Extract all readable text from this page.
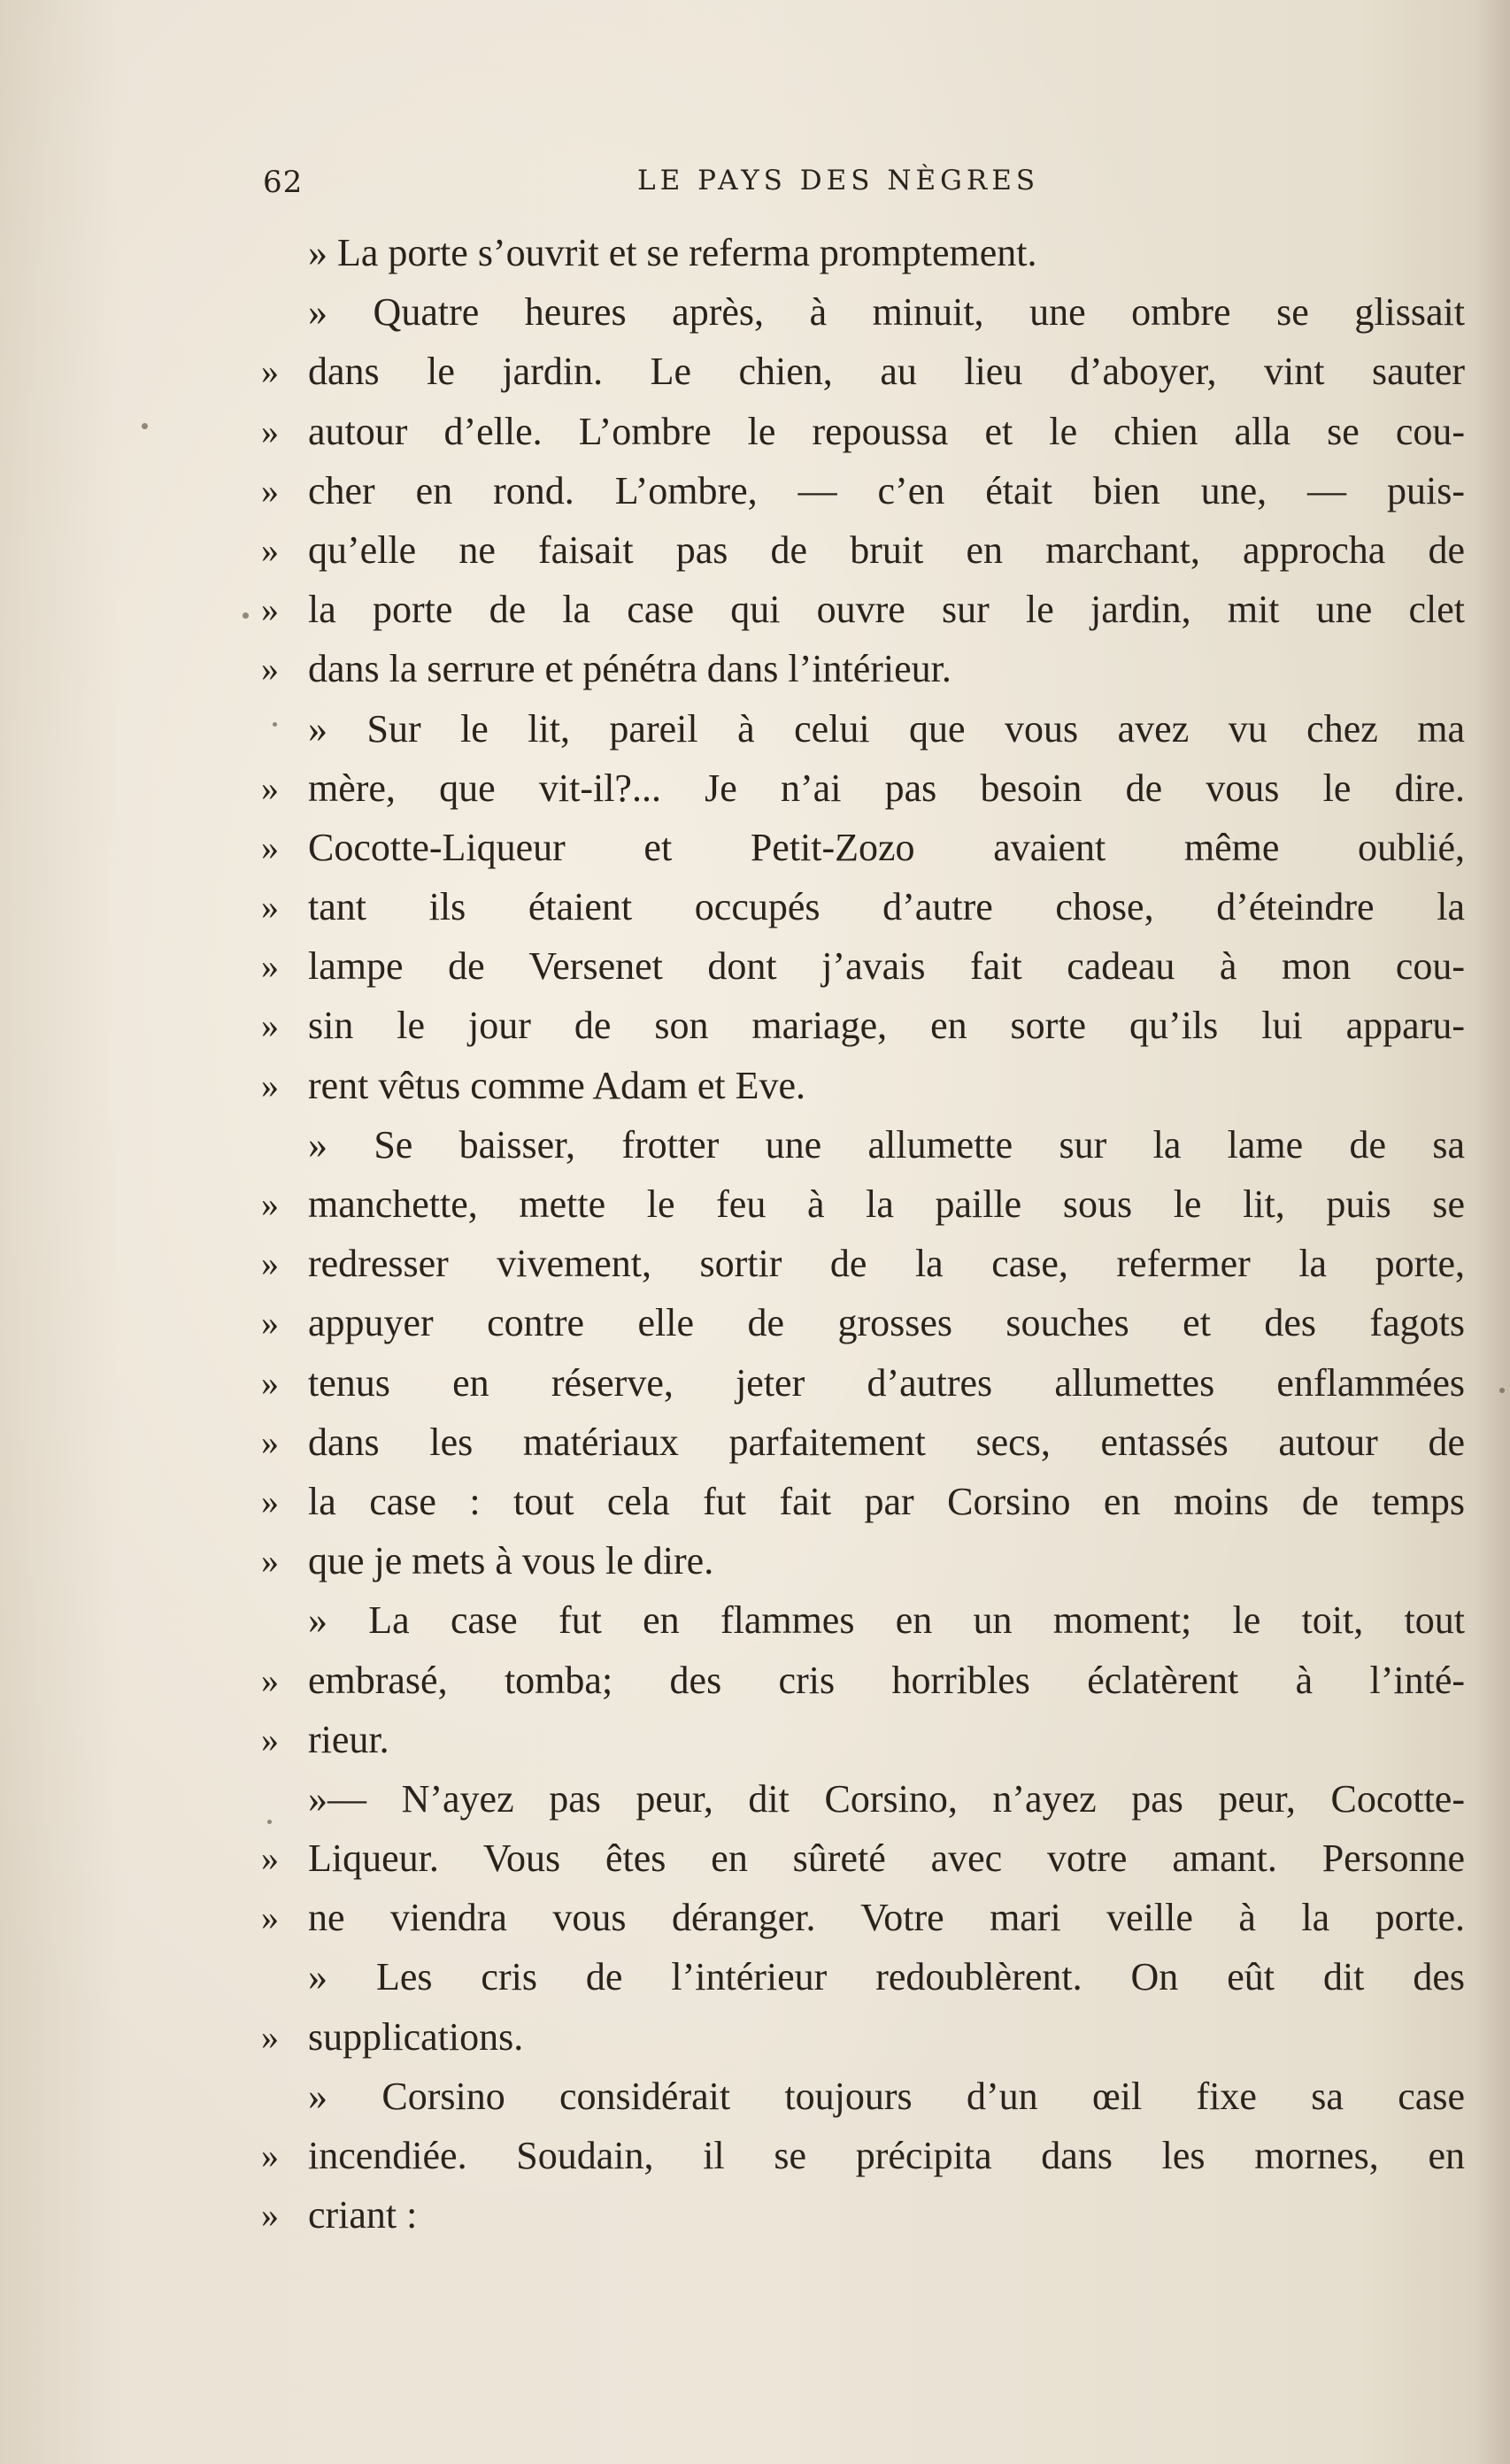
62	LE PAYS DES NÈGRES
» La porte s’ouvrit et se referma promptement.
» Quatre heures après, à minuit, une ombre se glissait
» dans le jardin. Le chien, au lieu d’aboyer, vint sauter
» autour d’elle. L’ombre le repoussa et le chien alla se cou-
» cher en rond. L’ombre, — c’en était bien une, — puis-
» qu’elle ne faisait pas de bruit en marchant, approcha de
» la porte de la case qui ouvre sur le jardin, mit une clet
» dans la serrure et pénétra dans l’intérieur.
» Sur le lit, pareil à celui que vous avez vu chez ma
» mère, que vit-il?... Je n’ai pas besoin de vous le dire.
» Cocotte-Liqueur et Petit-Zozo avaient même oublié,
» tant ils étaient occupés d’autre chose, d’éteindre la
» lampe de Versenet dont j’avais fait cadeau à mon cou-
» sin le jour de son mariage, en sorte qu’ils lui apparu-
» rent vêtus comme Adam et Eve.
» Se baisser, frotter une allumette sur la lame de sa
» manchette, mette le feu à la paille sous le lit, puis se
» redresser vivement, sortir de la case, refermer la porte,
» appuyer contre elle de grosses souches et des fagots
» tenus en réserve, jeter d’autres allumettes enflammées
» dans les matériaux parfaitement secs, entassés autour de
» la case : tout cela fut fait par Corsino en moins de temps
» que je mets à vous le dire.
» La case fut en flammes en un moment; le toit, tout
» embrasé, tomba; des cris horribles éclatèrent à l’inté-
» rieur.
»— N’ayez pas peur, dit Corsino, n’ayez pas peur, Cocotte-
» Liqueur. Vous êtes en sûreté avec votre amant. Personne
» ne viendra vous déranger. Votre mari veille à la porte.
» Les cris de l’intérieur redoublèrent. On eût dit des
» supplications.
» Corsino considérait toujours d’un œil fixe sa case
» incendiée. Soudain, il se précipita dans les mornes, en
» criant :
